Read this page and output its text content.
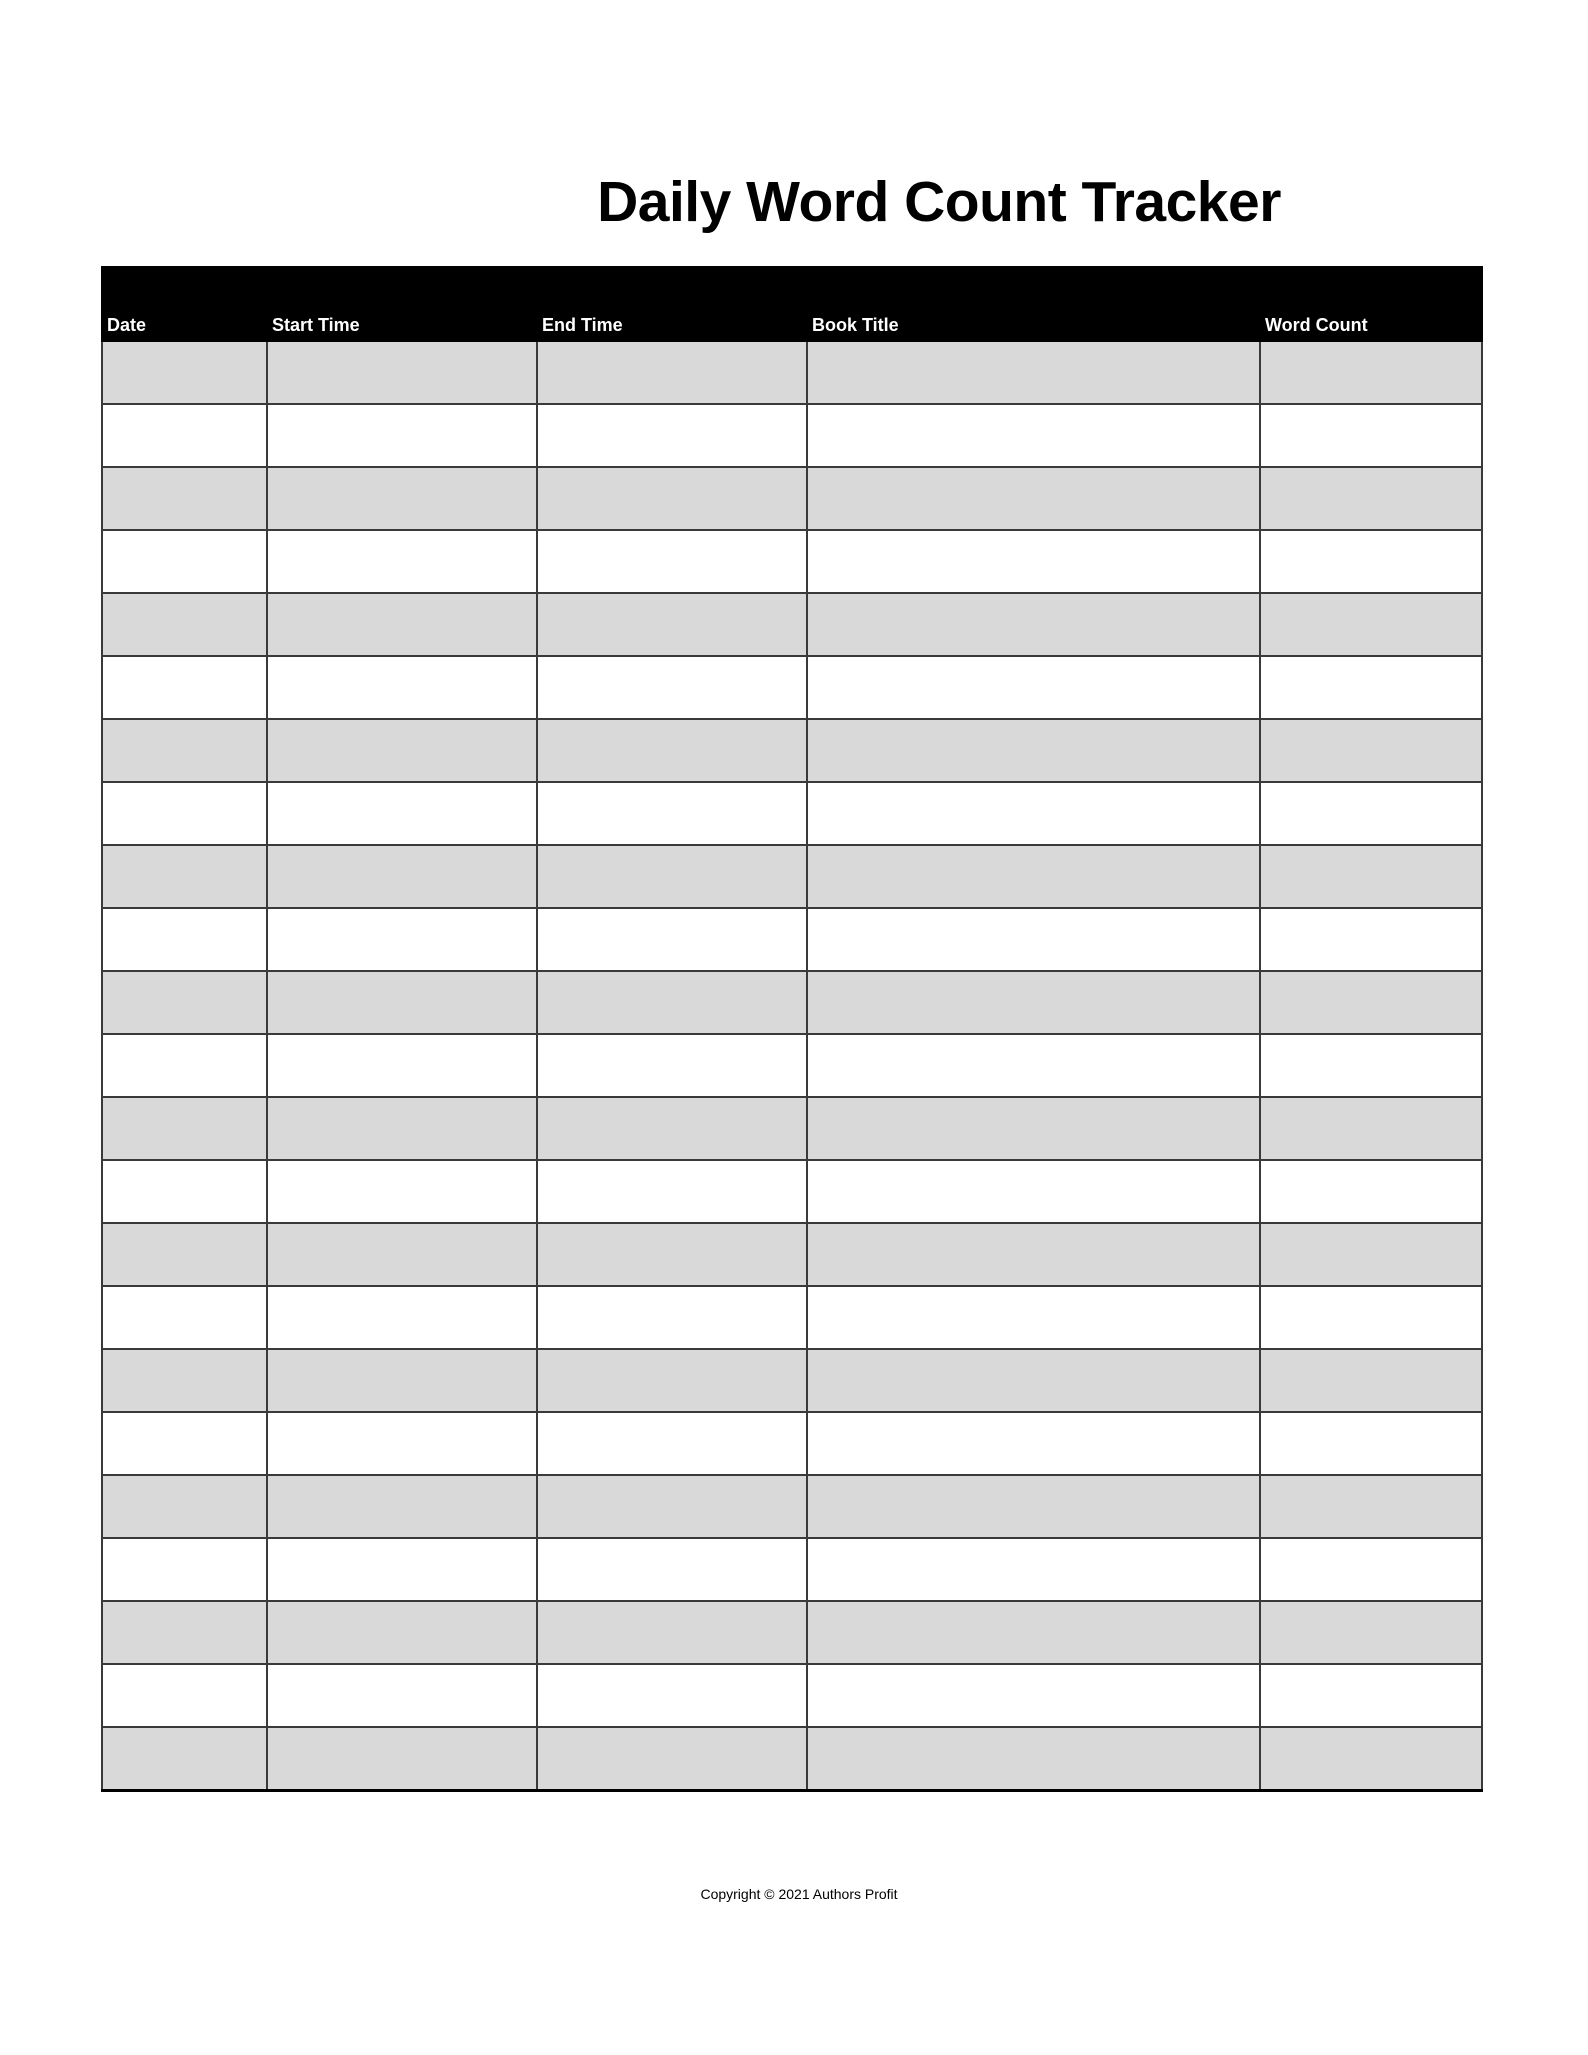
Daily Word Count Tracker
Date	Start Time	End Time	Book Title	Word Count

Copyright © 2021 Authors Profit
